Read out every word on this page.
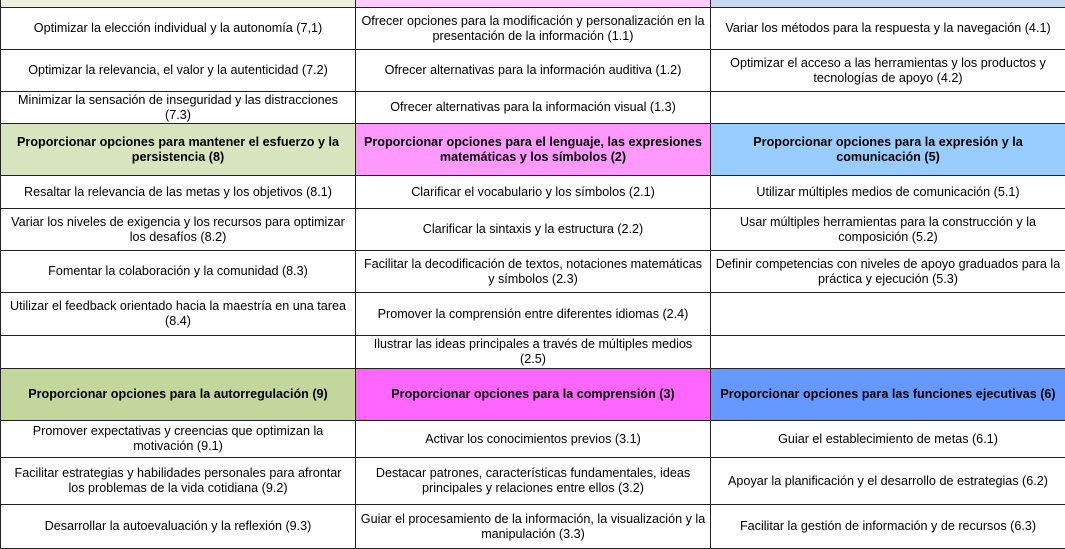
Optimizar la elección individual y la autonomía (7,1)	Ofrecer opciones para la modificación y personalización en la presentación de la información (1.1)	Variar los métodos para la respuesta y la navegación (4.1)
Optimizar la relevancia, el valor y la autenticidad (7.2)	Ofrecer alternativas para la información auditiva (1.2)	Optimizar el acceso a las herramientas y los productos y tecnologías de apoyo (4.2)
Minimizar la sensación de inseguridad y las distracciones (7.3)	Ofrecer alternativas para la información visual (1.3)	
Proporcionar opciones para mantener el esfuerzo y la persistencia (8)	Proporcionar opciones para el lenguaje, las expresiones matemáticas y los símbolos (2)	Proporcionar opciones para la expresión y la comunicación (5)
Resaltar la relevancia de las metas y los objetivos (8.1)	Clarificar el vocabulario y los símbolos (2.1)	Utilizar múltiples medios de comunicación (5.1)
Variar los niveles de exigencia y los recursos para optimizar los desafíos (8.2)	Clarificar la sintaxis y la estructura (2.2)	Usar múltiples herramientas para la construcción y la composición (5.2)
Fomentar la colaboración y la comunidad (8.3)	Facilitar la decodificación de textos, notaciones matemáticas y símbolos (2.3)	Definir competencias con niveles de apoyo graduados para la práctica y ejecución (5.3)
Utilizar el feedback orientado hacia la maestría en una tarea (8.4)	Promover la comprensión entre diferentes idiomas (2.4)	
	Ilustrar las ideas principales a través de múltiples medios (2.5)	
Proporcionar opciones para la autorregulación (9)	Proporcionar opciones para la comprensión (3)	Proporcionar opciones para las funciones ejecutivas (6)
Promover expectativas y creencias que optimizan la motivación (9.1)	Activar los conocimientos previos (3.1)	Guiar el establecimiento de metas (6.1)
Facilitar estrategias y habilidades personales para afrontar los problemas de la vida cotidiana (9.2)	Destacar patrones, características fundamentales, ideas principales y relaciones entre ellos (3.2)	Apoyar la planificación y el desarrollo de estrategias (6.2)
Desarrollar la autoevaluación y la reflexión (9.3)	Guiar el procesamiento de la información, la visualización y la manipulación (3.3)	Facilitar la gestión de información y de recursos (6.3)
